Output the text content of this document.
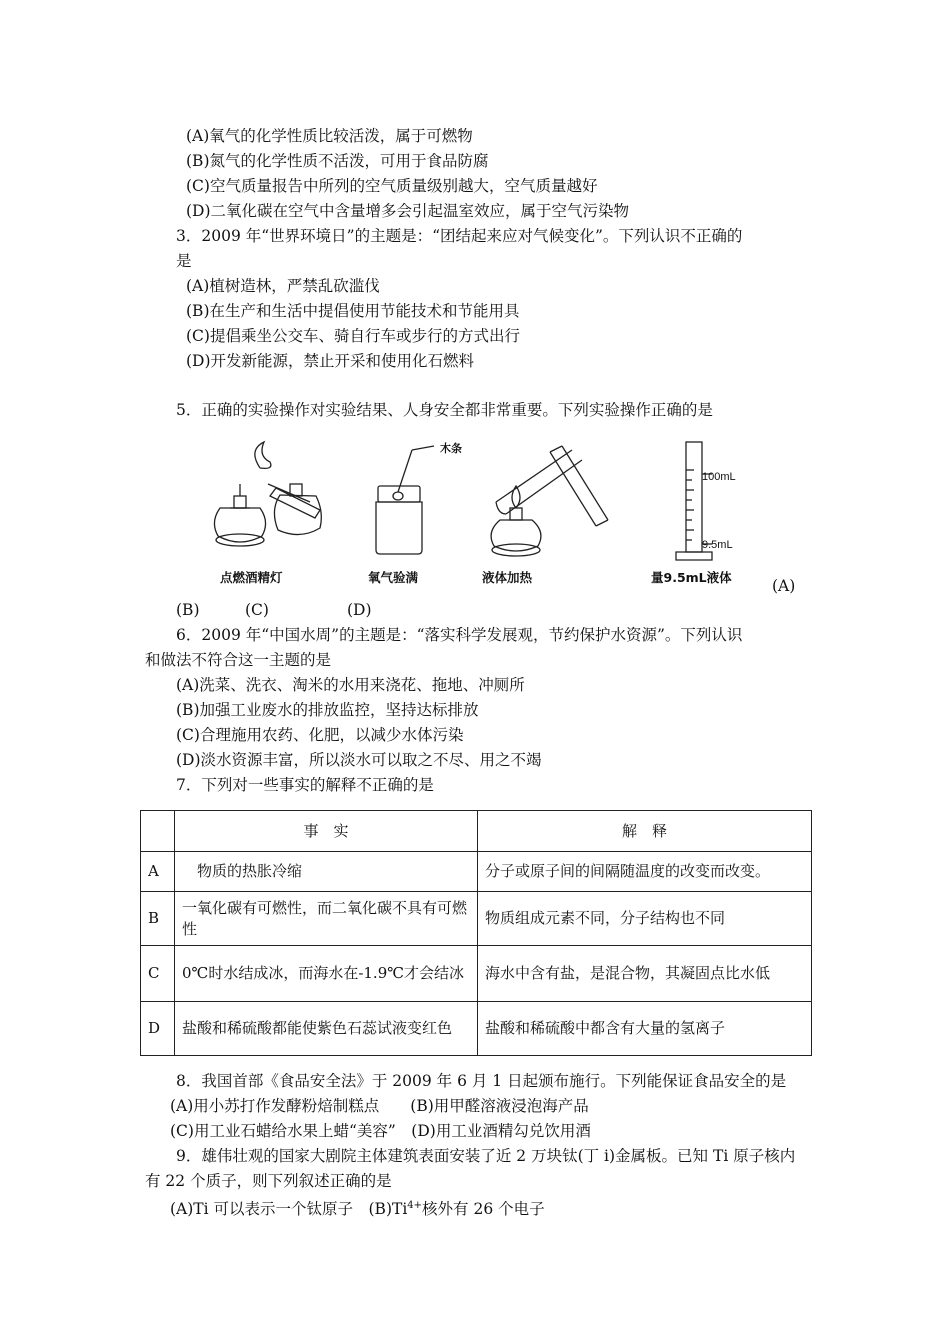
(A)氧气的化学性质比较活泼，属于可燃物
(B)氮气的化学性质不活泼，可用于食品防腐
(C)空气质量报告中所列的空气质量级别越大，空气质量越好
(D)二氧化碳在空气中含量增多会引起温室效应，属于空气污染物
3．2009 年“世界环境日”的主题是：“团结起来应对气候变化”。下列认识不正确的
是
(A)植树造林，严禁乱砍滥伐
(B)在生产和生活中提倡使用节能技术和节能用具
(C)提倡乘坐公交车、骑自行车或步行的方式出行
(D)开发新能源，禁止开采和使用化石燃料
5．正确的实验操作对实验结果、人身安全都非常重要。下列实验操作正确的是
木条
100mL
9.5mL
点燃酒精灯	氧气验满	液体加热	量9.5mL液体	(A)
(B)	(C)	(D)
6．2009 年“中国水周”的主题是：“落实科学发展观，节约保护水资源”。下列认识
和做法不符合这一主题的是
(A)洗菜、洗衣、淘米的水用来浇花、拖地、冲厕所
(B)加强工业废水的排放监控，坚持达标排放
(C)合理施用农药、化肥，以减少水体污染
(D)淡水资源丰富，所以淡水可以取之不尽、用之不竭
7．下列对一些事实的解释不正确的是
	事　实	解　释
A	　物质的热胀冷缩	分子或原子间的间隔随温度的改变而改变。
B	一氧化碳有可燃性，而二氧化碳不具有可燃性	物质组成元素不同，分子结构也不同
C	0℃时水结成冰，而海水在-1.9℃才会结冰	海水中含有盐，是混合物，其凝固点比水低
D	盐酸和稀硫酸都能使紫色石蕊试液变红色	盐酸和稀硫酸中都含有大量的氢离子
8．我国首部《食品安全法》于 2009 年 6 月 1 日起颁布施行。下列能保证食品安全的是
(A)用小苏打作发酵粉焙制糕点　　(B)用甲醛溶液浸泡海产品
(C)用工业石蜡给水果上蜡“美容”　(D)用工业酒精勾兑饮用酒
9．雄伟壮观的国家大剧院主体建筑表面安装了近 2 万块钛(丁 i)金属板。已知 Ti 原子核内
有 22 个质子，则下列叙述正确的是
(A)Ti 可以表示一个钛原子　$(B)Ti^{4+}$核外有 26 个电子
